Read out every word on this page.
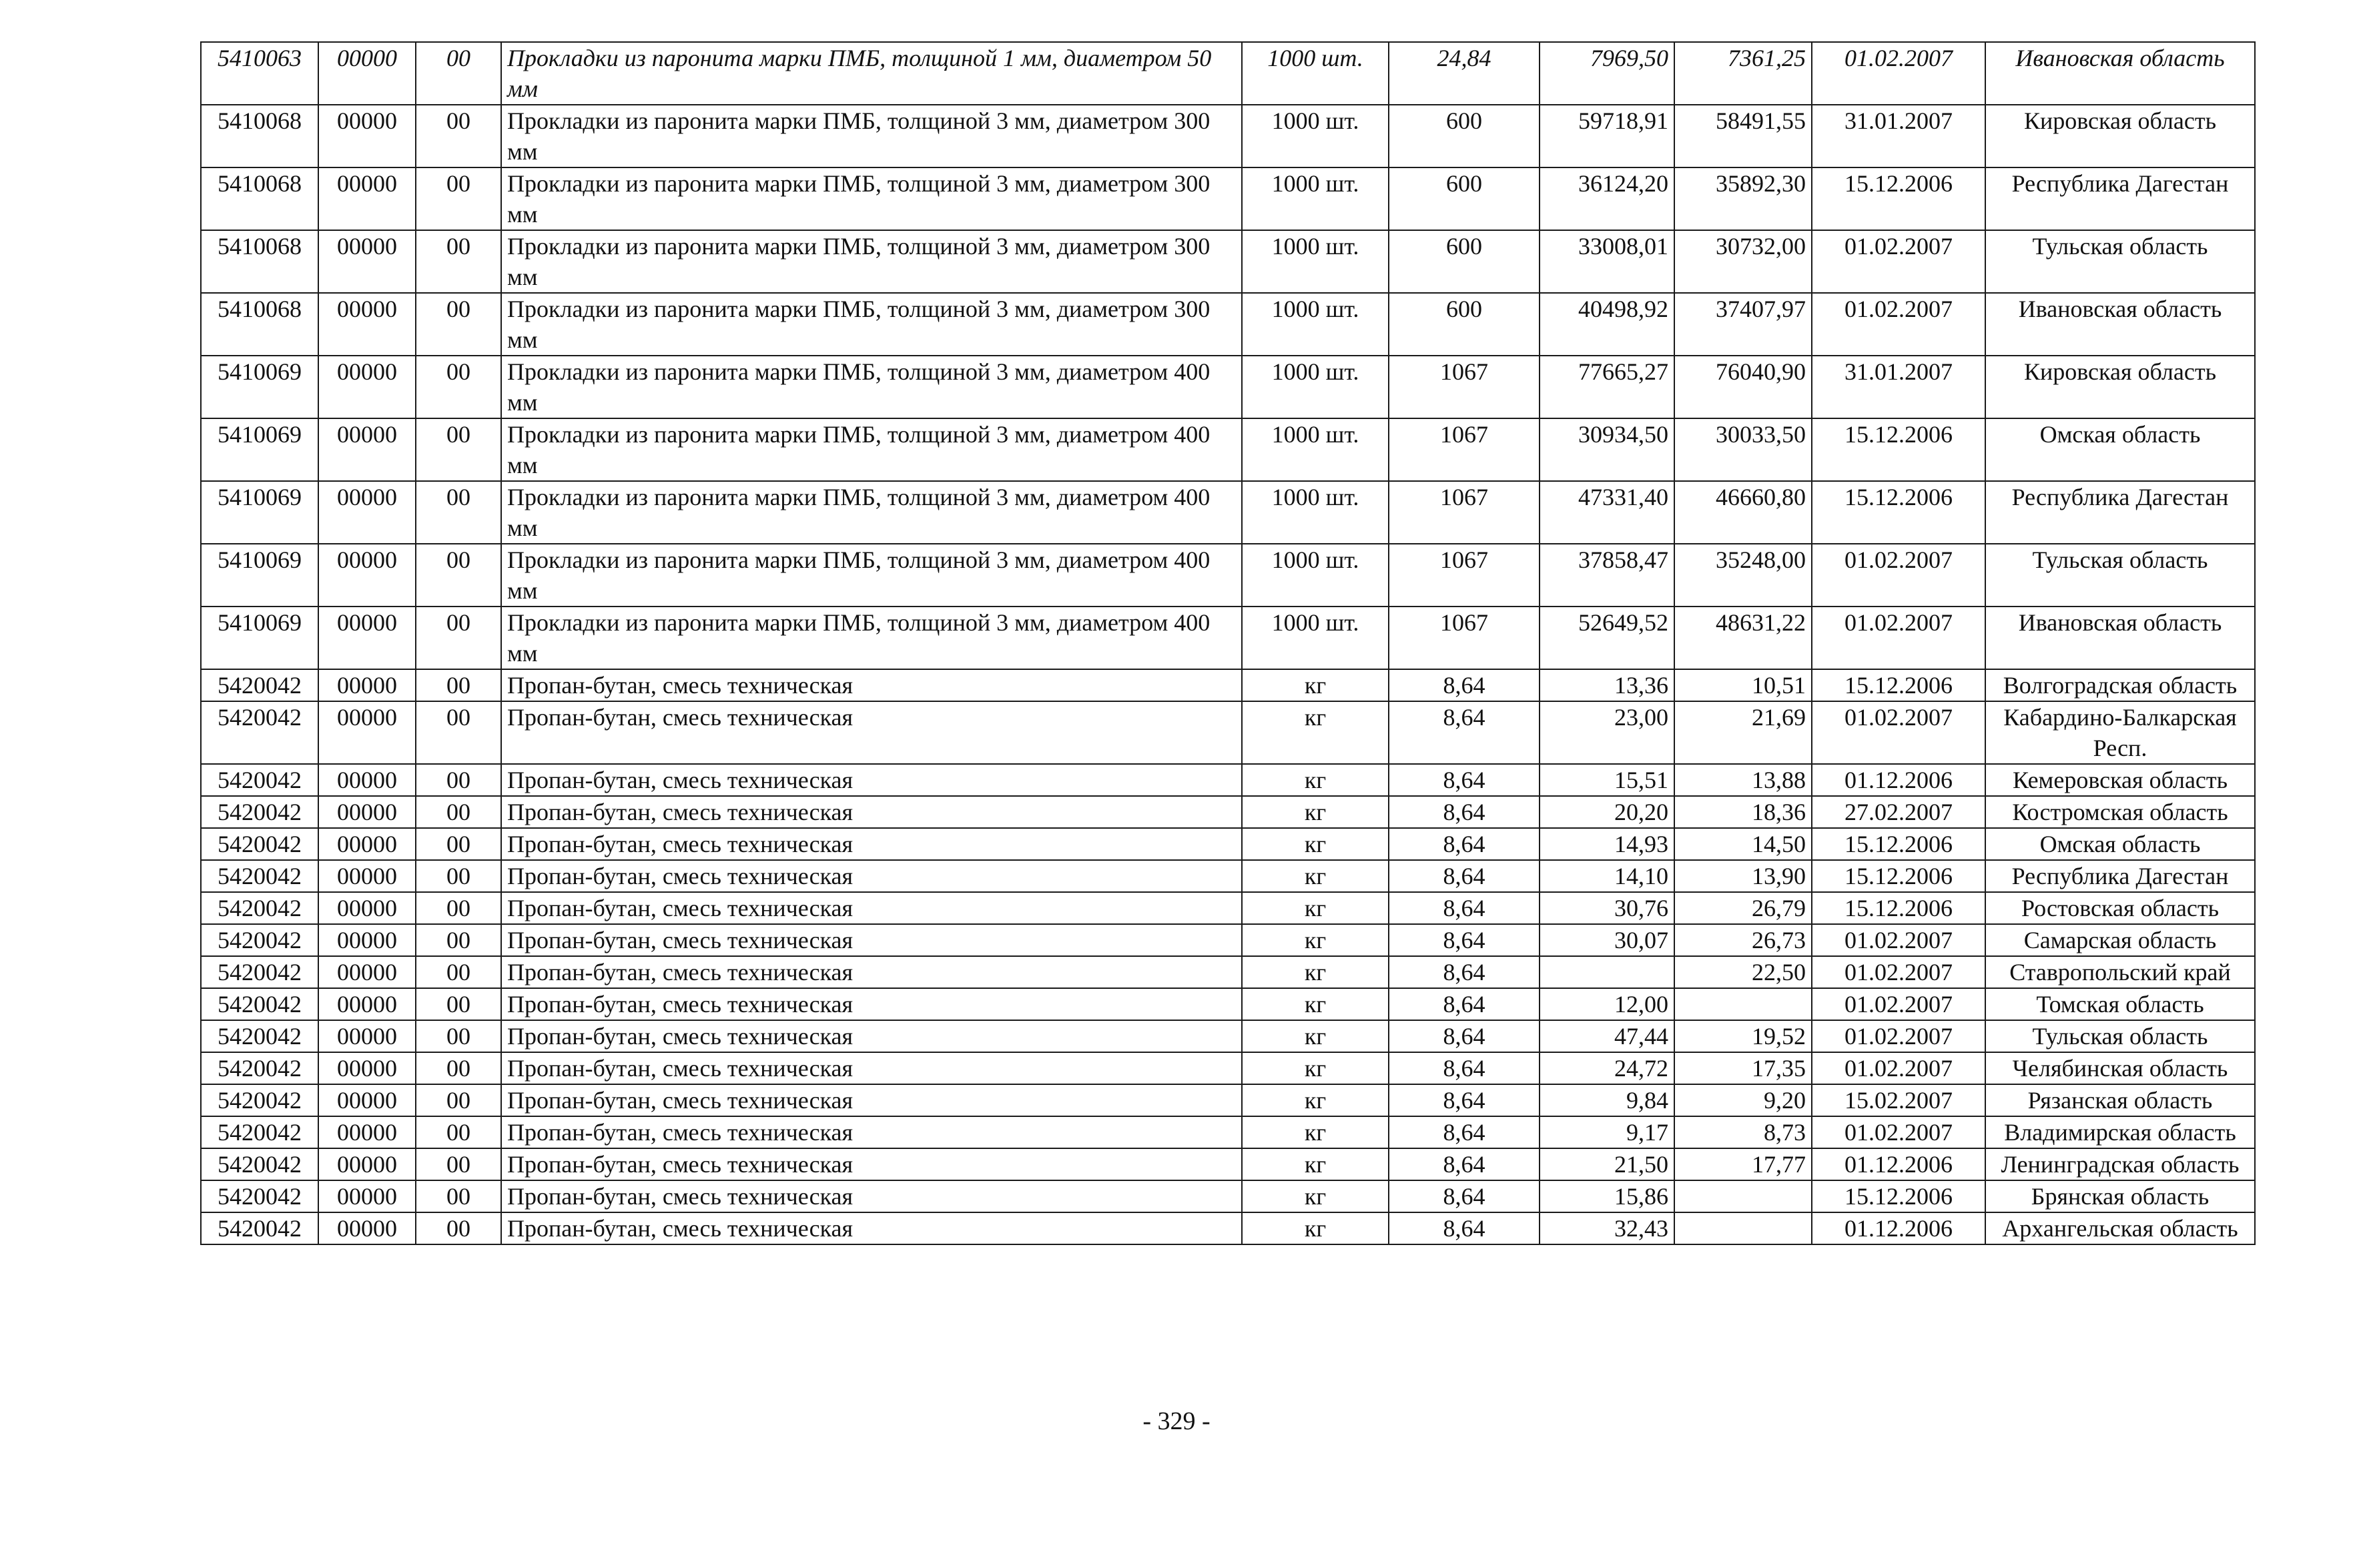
5410063	00000	00	Прокладки из паронита марки ПМБ, толщиной 1 мм, диаметром 50 мм	1000 шт.	24,84	7969,50	7361,25	01.02.2007	Ивановская область
5410068	00000	00	Прокладки из паронита марки ПМБ, толщиной 3 мм, диаметром 300 мм	1000 шт.	600	59718,91	58491,55	31.01.2007	Кировская область
5410068	00000	00	Прокладки из паронита марки ПМБ, толщиной 3 мм, диаметром 300 мм	1000 шт.	600	36124,20	35892,30	15.12.2006	Республика Дагестан
5410068	00000	00	Прокладки из паронита марки ПМБ, толщиной 3 мм, диаметром 300 мм	1000 шт.	600	33008,01	30732,00	01.02.2007	Тульская область
5410068	00000	00	Прокладки из паронита марки ПМБ, толщиной 3 мм, диаметром 300 мм	1000 шт.	600	40498,92	37407,97	01.02.2007	Ивановская область
5410069	00000	00	Прокладки из паронита марки ПМБ, толщиной 3 мм, диаметром 400 мм	1000 шт.	1067	77665,27	76040,90	31.01.2007	Кировская область
5410069	00000	00	Прокладки из паронита марки ПМБ, толщиной 3 мм, диаметром 400 мм	1000 шт.	1067	30934,50	30033,50	15.12.2006	Омская область
5410069	00000	00	Прокладки из паронита марки ПМБ, толщиной 3 мм, диаметром 400 мм	1000 шт.	1067	47331,40	46660,80	15.12.2006	Республика Дагестан
5410069	00000	00	Прокладки из паронита марки ПМБ, толщиной 3 мм, диаметром 400 мм	1000 шт.	1067	37858,47	35248,00	01.02.2007	Тульская область
5410069	00000	00	Прокладки из паронита марки ПМБ, толщиной 3 мм, диаметром 400 мм	1000 шт.	1067	52649,52	48631,22	01.02.2007	Ивановская область
5420042	00000	00	Пропан-бутан, смесь техническая	кг	8,64	13,36	10,51	15.12.2006	Волгоградская область
5420042	00000	00	Пропан-бутан, смесь техническая	кг	8,64	23,00	21,69	01.02.2007	Кабардино-Балкарская Респ.
5420042	00000	00	Пропан-бутан, смесь техническая	кг	8,64	15,51	13,88	01.12.2006	Кемеровская область
5420042	00000	00	Пропан-бутан, смесь техническая	кг	8,64	20,20	18,36	27.02.2007	Костромская область
5420042	00000	00	Пропан-бутан, смесь техническая	кг	8,64	14,93	14,50	15.12.2006	Омская область
5420042	00000	00	Пропан-бутан, смесь техническая	кг	8,64	14,10	13,90	15.12.2006	Республика Дагестан
5420042	00000	00	Пропан-бутан, смесь техническая	кг	8,64	30,76	26,79	15.12.2006	Ростовская область
5420042	00000	00	Пропан-бутан, смесь техническая	кг	8,64	30,07	26,73	01.02.2007	Самарская область
5420042	00000	00	Пропан-бутан, смесь техническая	кг	8,64		22,50	01.02.2007	Ставропольский край
5420042	00000	00	Пропан-бутан, смесь техническая	кг	8,64	12,00		01.02.2007	Томская область
5420042	00000	00	Пропан-бутан, смесь техническая	кг	8,64	47,44	19,52	01.02.2007	Тульская область
5420042	00000	00	Пропан-бутан, смесь техническая	кг	8,64	24,72	17,35	01.02.2007	Челябинская область
5420042	00000	00	Пропан-бутан, смесь техническая	кг	8,64	9,84	9,20	15.02.2007	Рязанская область
5420042	00000	00	Пропан-бутан, смесь техническая	кг	8,64	9,17	8,73	01.02.2007	Владимирская область
5420042	00000	00	Пропан-бутан, смесь техническая	кг	8,64	21,50	17,77	01.12.2006	Ленинградская область
5420042	00000	00	Пропан-бутан, смесь техническая	кг	8,64	15,86		15.12.2006	Брянская область
5420042	00000	00	Пропан-бутан, смесь техническая	кг	8,64	32,43		01.12.2006	Архангельская область
- 329 -
